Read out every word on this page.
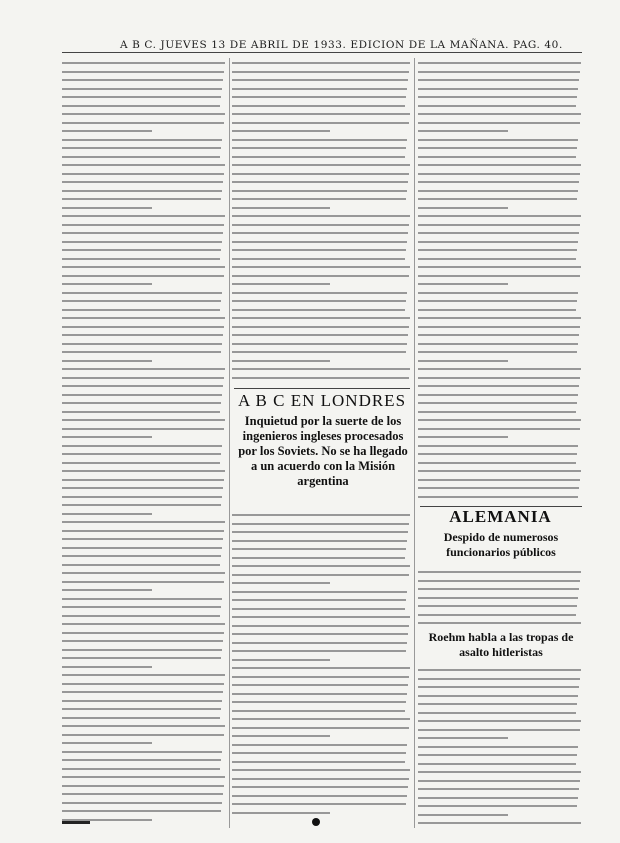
A B C. JUEVES 13 DE ABRIL DE 1933. EDICION DE LA MAÑANA. PAG. 40.
A B C EN LONDRES
Inquietud por la suerte de los ingenieros ingleses procesados por los Soviets. No se ha llegado a un acuerdo con la Misión argentina
ALEMANIA
Despido de numerosos funcionarios públicos
Roehm habla a las tropas de asalto hitleristas
